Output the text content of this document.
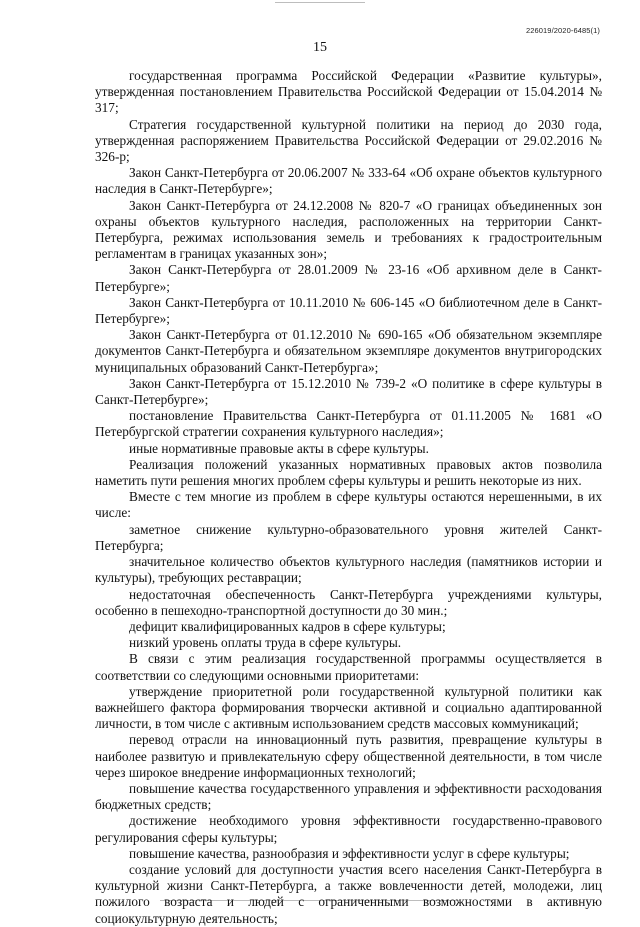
226019/2020-6485(1)
15

государственная программа Российской Федерации «Развитие культуры», утвержденная постановлением Правительства Российской Федерации от 15.04.2014 № 317;

Стратегия государственной культурной политики на период до 2030 года, утвержденная распоряжением Правительства Российской Федерации от 29.02.2016 № 326-р;

Закон Санкт-Петербурга от 20.06.2007 № 333-64 «Об охране объектов культурного наследия в Санкт-Петербурге»;

Закон Санкт-Петербурга от 24.12.2008 № 820-7 «О границах объединенных зон охраны объектов культурного наследия, расположенных на территории Санкт-Петербурга, режимах использования земель и требованиях к градостроительным регламентам в границах указанных зон»;

Закон Санкт-Петербурга от 28.01.2009 № 23-16 «Об архивном деле в Санкт-Петербурге»;

Закон Санкт-Петербурга от 10.11.2010 № 606-145 «О библиотечном деле в Санкт-Петербурге»;

Закон Санкт-Петербурга от 01.12.2010 № 690-165 «Об обязательном экземпляре документов Санкт-Петербурга и обязательном экземпляре документов внутригородских муниципальных образований Санкт-Петербурга»;

Закон Санкт-Петербурга от 15.12.2010 № 739-2 «О политике в сфере культуры в Санкт-Петербурге»;

постановление Правительства Санкт-Петербурга от 01.11.2005 № 1681 «О Петербургской стратегии сохранения культурного наследия»;

иные нормативные правовые акты в сфере культуры.

Реализация положений указанных нормативных правовых актов позволила наметить пути решения многих проблем сферы культуры и решить некоторые из них.

Вместе с тем многие из проблем в сфере культуры остаются нерешенными, в их числе:

заметное снижение культурно-образовательного уровня жителей Санкт-Петербурга;

значительное количество объектов культурного наследия (памятников истории и культуры), требующих реставрации;

недостаточная обеспеченность Санкт-Петербурга учреждениями культуры, особенно в пешеходно-транспортной доступности до 30 мин.;

дефицит квалифицированных кадров в сфере культуры;

низкий уровень оплаты труда в сфере культуры.

В связи с этим реализация государственной программы осуществляется в соответствии со следующими основными приоритетами:

утверждение приоритетной роли государственной культурной политики как важнейшего фактора формирования творчески активной и социально адаптированной личности, в том числе с активным использованием средств массовых коммуникаций;

перевод отрасли на инновационный путь развития, превращение культуры в наиболее развитую и привлекательную сферу общественной деятельности, в том числе через широкое внедрение информационных технологий;

повышение качества государственного управления и эффективности расходования бюджетных средств;

достижение необходимого уровня эффективности государственно-правового регулирования сферы культуры;

повышение качества, разнообразия и эффективности услуг в сфере культуры;

создание условий для доступности участия всего населения Санкт-Петербурга в культурной жизни Санкт-Петербурга, а также вовлеченности детей, молодежи, лиц пожилого возраста и людей с ограниченными возможностями в активную социокультурную деятельность;
